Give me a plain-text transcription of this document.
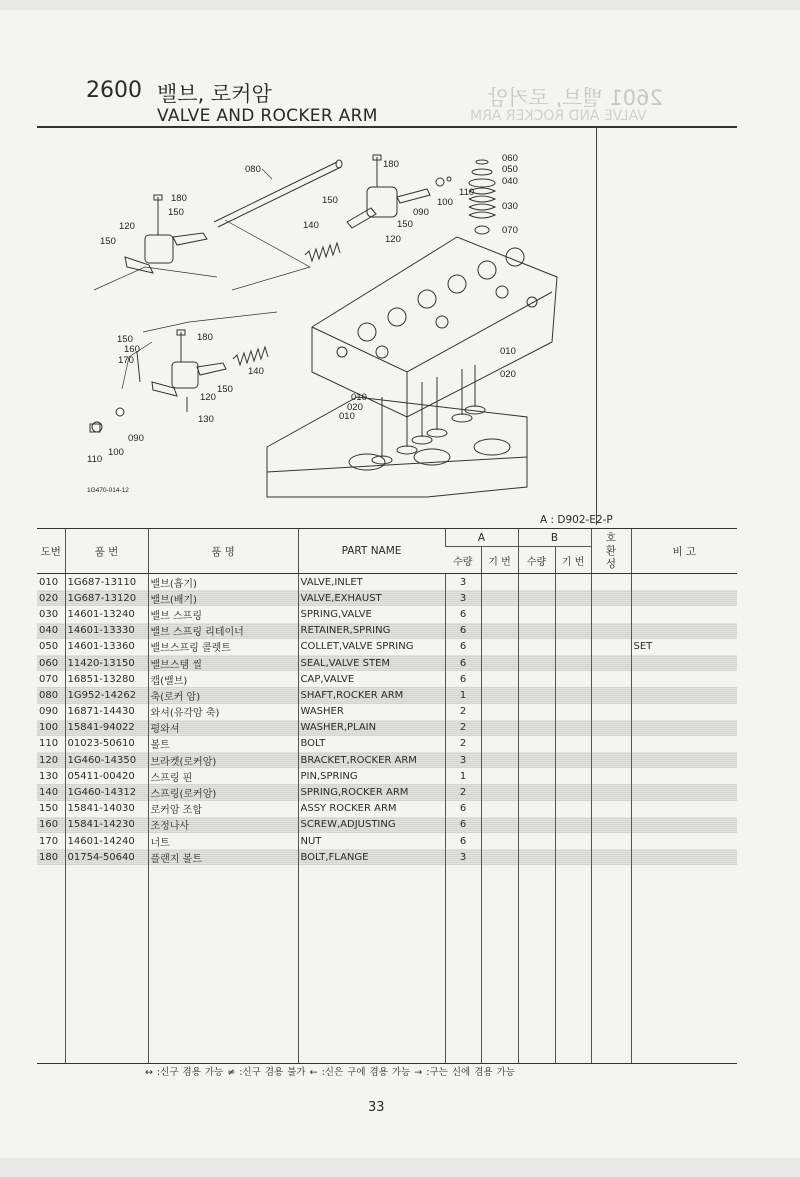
2601 밸브, 로커암
VALVE AND ROCKER ARM
2600 밸브, 로커암
VALVE AND ROCKER ARM
080	180
150
110
100
090
150
140
120
060
050
040
030
070
180
150
120
150
010
020
010
020
010
150
160
170
180
140
150
120
130
090
100
110
1G470-014-12
A : D902-E2-P
도번	품 번	품 명	PART NAME	A		B		호
환
성	비 고
				수량	기 번	수량	기 번		
010	1G687-13110	밸브(흡기)	VALVE,INLET	3					
020	1G687-13120	밸브(배기)	VALVE,EXHAUST	3					
030	14601-13240	밸브 스프링	SPRING,VALVE	6					
040	14601-13330	밸브 스프링 리테이너	RETAINER,SPRING	6					
050	14601-13360	밸브스프링 콜렛트	COLLET,VALVE SPRING	6					SET
060	11420-13150	밸브스템 씰	SEAL,VALVE STEM	6					
070	16851-13280	캡(밸브)	CAP,VALVE	6					
080	1G952-14262	축(로커 암)	SHAFT,ROCKER ARM	1					
090	16871-14430	와셔(유각암 축)	WASHER	2					
100	15841-94022	평와셔	WASHER,PLAIN	2					
110	01023-50610	볼트	BOLT	2					
120	1G460-14350	브라켓(로커암)	BRACKET,ROCKER ARM	3					
130	05411-00420	스프링 핀	PIN,SPRING	1					
140	1G460-14312	스프링(로커암)	SPRING,ROCKER ARM	2					
150	15841-14030	로커암 조합	ASSY ROCKER ARM	6					
160	15841-14230	조정나사	SCREW,ADJUSTING	6					
170	14601-14240	너트	NUT	6					
180	01754-50640	플랜지 볼트	BOLT,FLANGE	3					

↔ :신구 겸용 가능 ≠ :신구 겸용 불가 ← :신은 구에 겸용 가능 → :구는 신에 겸용 가능
33
